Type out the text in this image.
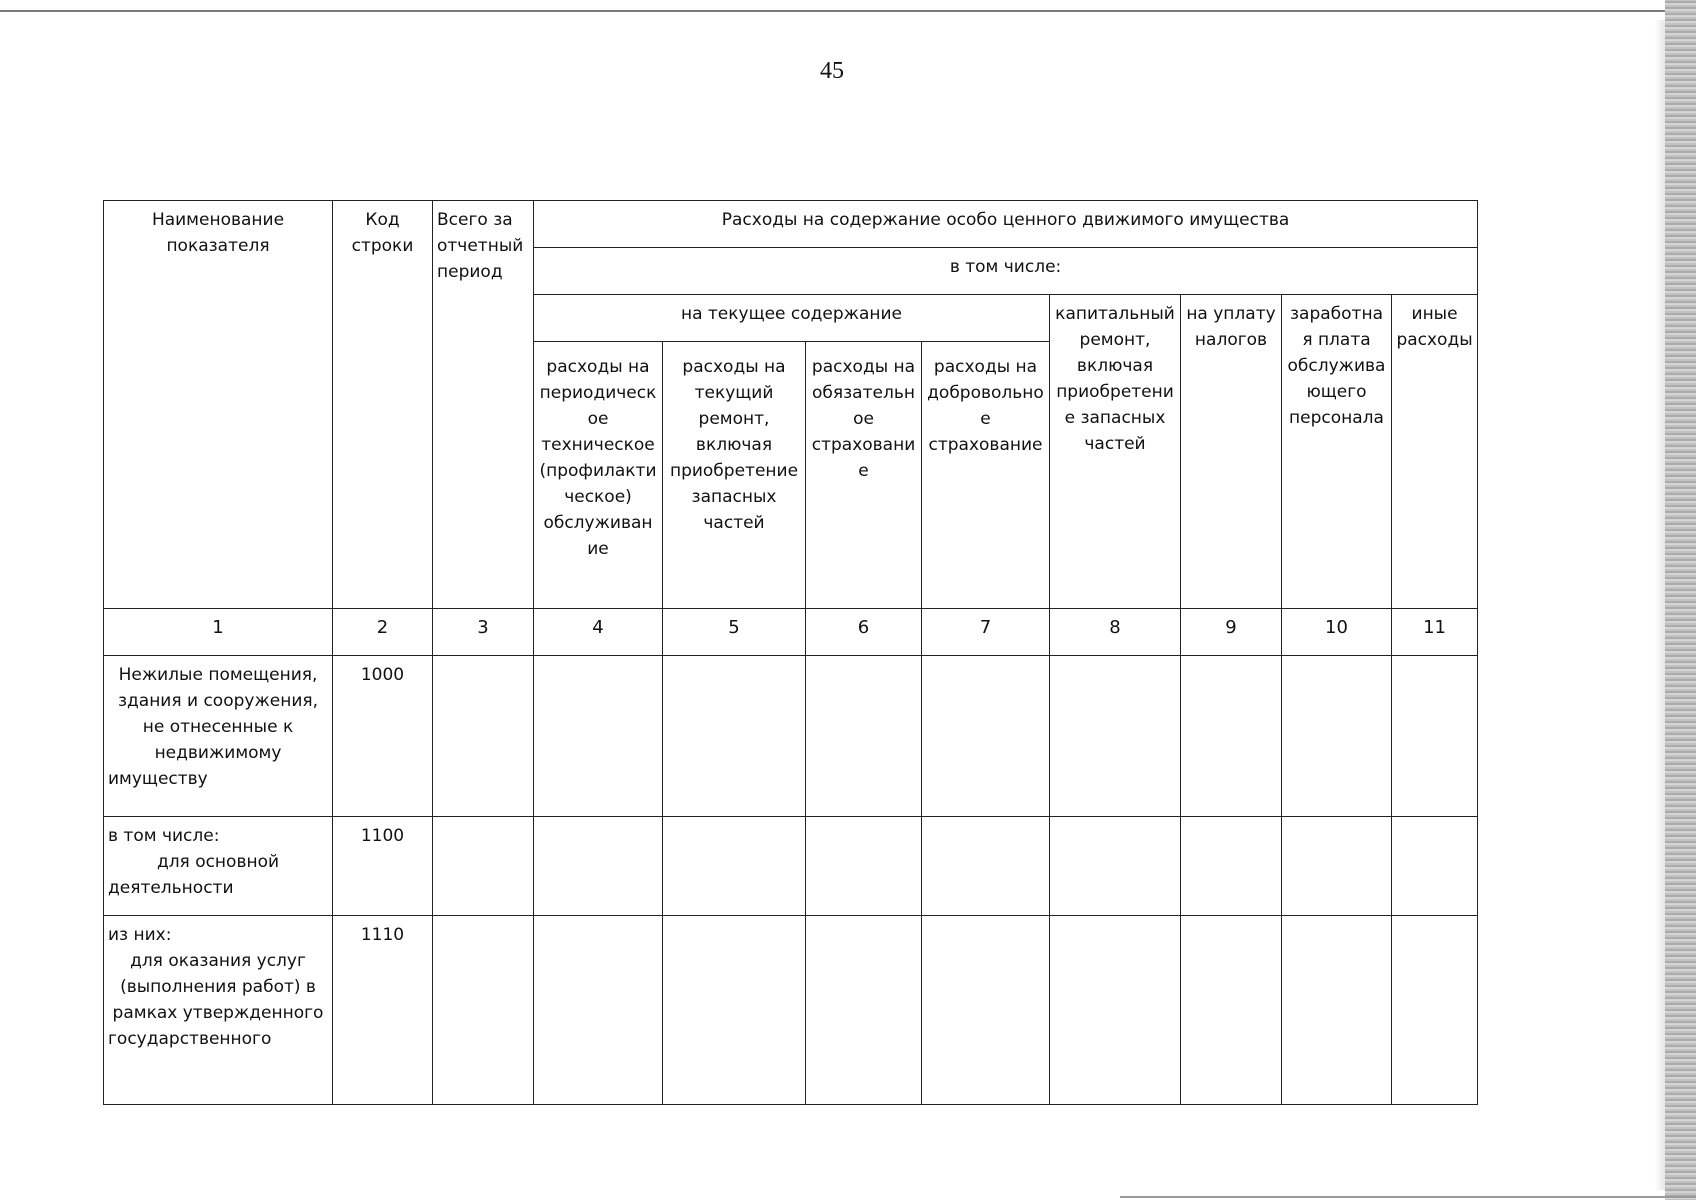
45
Наименование показателя	Код строки	Всего за отчетный период	Расходы на содержание особо ценного движимого имущества							
			в том числе:							
			на текущее содержание				капитальный ремонт, включая приобретение запасных частей	на уплату налогов	заработная плата обслуживающего персонала	иные расходы
			расходы на периодическое техническое (профилактическое) обслуживание	расходы на текущий ремонт, включая приобретение запасных частей	расходы на обязательное страхование	расходы на добровольное страхование				
1	2	3	4	5	6	7	8	9	10	11

Нежилые помещения, здания и сооружения, не отнесенные к недвижимому имуществу	1000									

в том числе:
для основной деятельности	1100									

из них:
для оказания услуг (выполнения работ) в рамках утвержденного государственного	1110									
